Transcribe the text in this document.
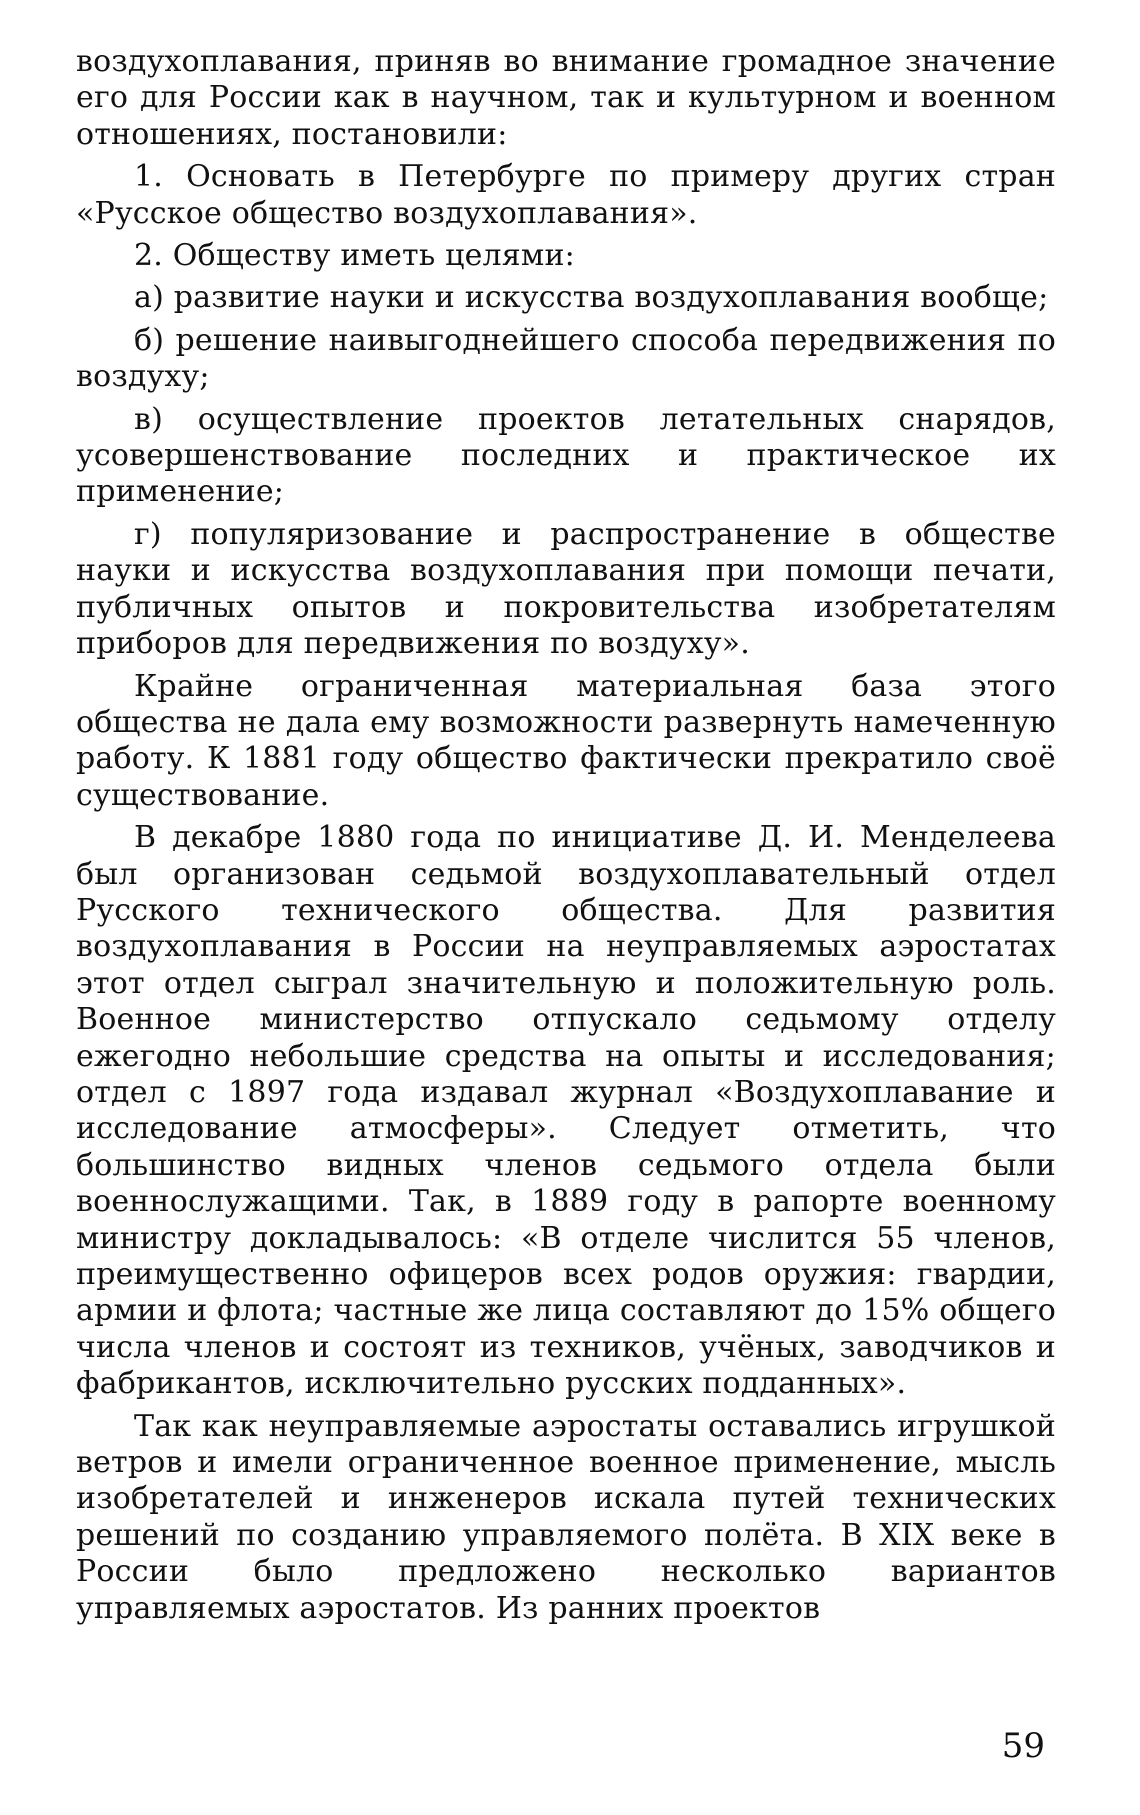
воздухоплавания, приняв во внимание громадное значение его для России как в научном, так и культурном и военном отношениях, постановили:

1. Основать в Петербурге по примеру других стран «Русское общество воздухоплавания».

2. Обществу иметь целями:

а) развитие науки и искусства воздухоплавания вообще;

б) решение наивыгоднейшего способа передвижения по воздуху;

в) осуществление проектов летательных снарядов, усовершенствование последних и практическое их применение;

г) популяризование и распространение в обществе науки и искусства воздухоплавания при помощи печати, публичных опытов и покровительства изобретателям приборов для передвижения по воздуху».

Крайне ограниченная материальная база этого общества не дала ему возможности развернуть намеченную работу. К 1881 году общество фактически прекратило своё существование.

В декабре 1880 года по инициативе Д. И. Менделеева был организован седьмой воздухоплавательный отдел Русского технического общества. Для развития воздухоплавания в России на неуправляемых аэростатах этот отдел сыграл значительную и положительную роль. Военное министерство отпускало седьмому отделу ежегодно небольшие средства на опыты и исследования; отдел с 1897 года издавал журнал «Воздухоплавание и исследование атмосферы». Следует отметить, что большинство видных членов седьмого отдела были военнослужащими. Так, в 1889 году в рапорте военному министру докладывалось: «В отделе числится 55 членов, преимущественно офицеров всех родов оружия: гвардии, армии и флота; частные же лица составляют до 15% общего числа членов и состоят из техников, учёных, заводчиков и фабрикантов, исключительно русских подданных».

Так как неуправляемые аэростаты оставались игрушкой ветров и имели ограниченное военное применение, мысль изобретателей и инженеров искала путей технических решений по созданию управляемого полёта. В XIX веке в России было предложено несколько вариантов управляемых аэростатов. Из ранних проектов

59
